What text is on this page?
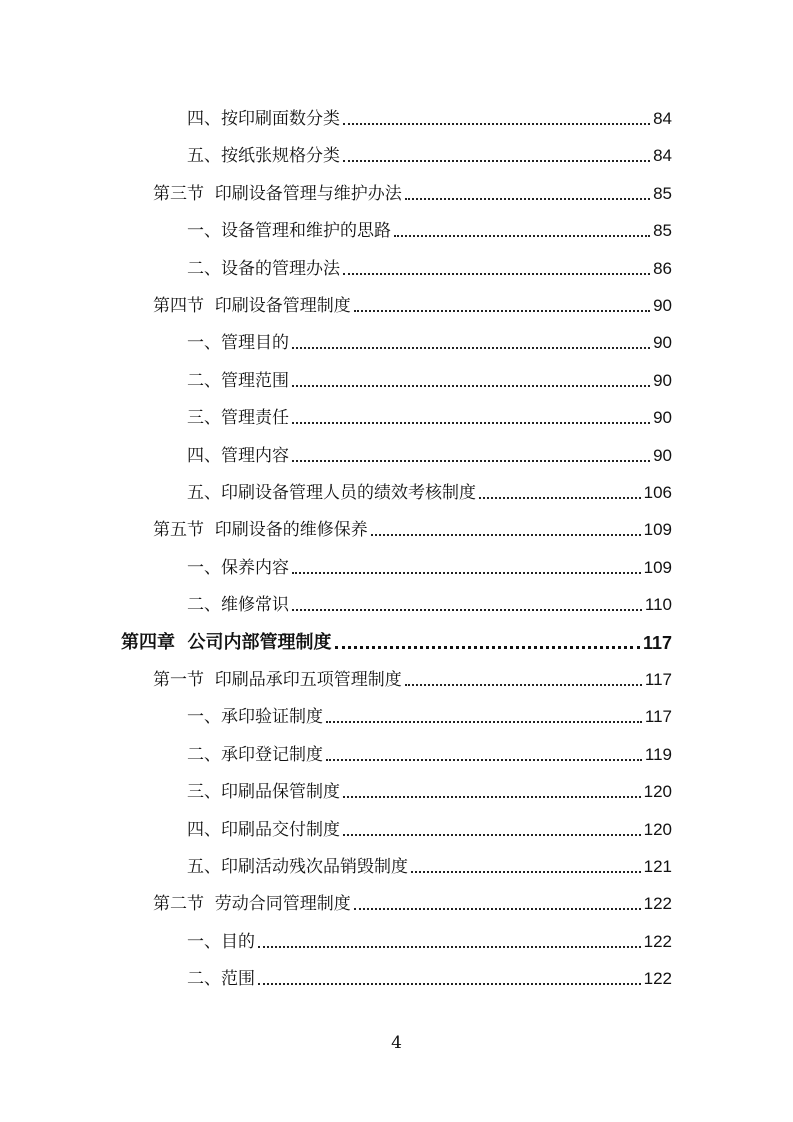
四、按印刷面数分类	84
五、按纸张规格分类	84
第三节  印刷设备管理与维护办法	85
一、设备管理和维护的思路	85
二、设备的管理办法	86
第四节  印刷设备管理制度	90
一、管理目的	90
二、管理范围	90
三、管理责任	90
四、管理内容	90
五、印刷设备管理人员的绩效考核制度	106
第五节  印刷设备的维修保养	109
一、保养内容	109
二、维修常识	110
第四章  公司内部管理制度	117
第一节  印刷品承印五项管理制度	117
一、承印验证制度	117
二、承印登记制度	119
三、印刷品保管制度	120
四、印刷品交付制度	120
五、印刷活动残次品销毁制度	121
第二节  劳动合同管理制度	122
一、目的	122
二、范围	122
4
